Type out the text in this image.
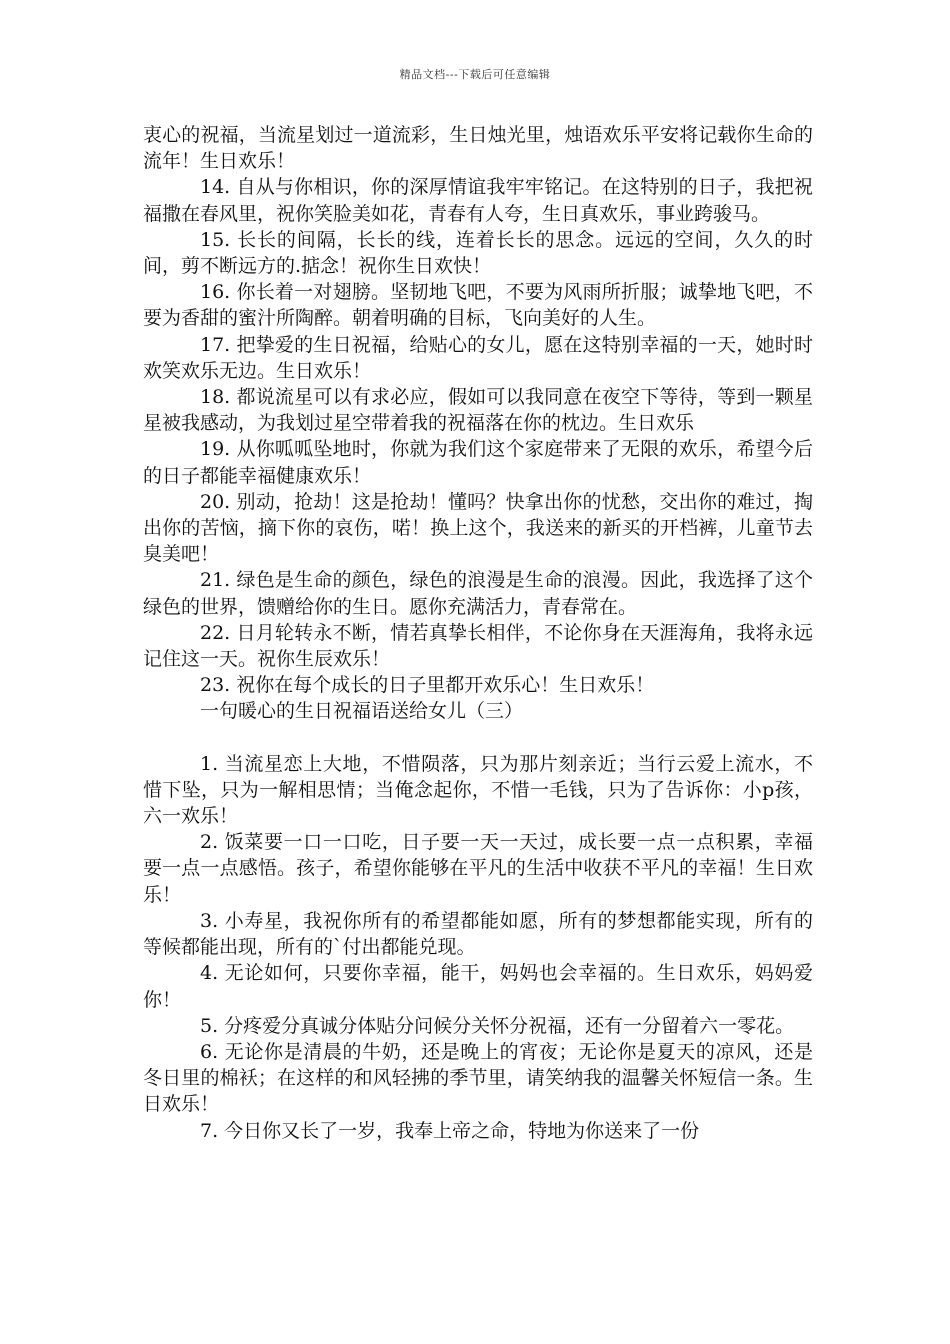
精品文档---下载后可任意编辑

衷心的祝福，当流星划过一道流彩，生日烛光里，烛语欢乐平安将记载你生命的流年！生日欢乐！

14. 自从与你相识，你的深厚情谊我牢牢铭记。在这特别的日子，我把祝福撒在春风里，祝你笑脸美如花，青春有人夸，生日真欢乐，事业跨骏马。

15. 长长的间隔，长长的线，连着长长的思念。远远的空间，久久的时间，剪不断远方的.掂念！祝你生日欢快！

16. 你长着一对翅膀。坚韧地飞吧，不要为风雨所折服；诚挚地飞吧，不要为香甜的蜜汁所陶醉。朝着明确的目标，飞向美好的人生。

17. 把挚爱的生日祝福，给贴心的女儿，愿在这特别幸福的一天，她时时欢笑欢乐无边。生日欢乐！

18. 都说流星可以有求必应，假如可以我同意在夜空下等待，等到一颗星星被我感动，为我划过星空带着我的祝福落在你的枕边。生日欢乐

19. 从你呱呱坠地时，你就为我们这个家庭带来了无限的欢乐，希望今后的日子都能幸福健康欢乐！

20. 别动，抢劫！这是抢劫！懂吗？快拿出你的忧愁，交出你的难过，掏出你的苦恼，摘下你的哀伤，喏！换上这个，我送来的新买的开档裤，儿童节去臭美吧！

21. 绿色是生命的颜色，绿色的浪漫是生命的浪漫。因此，我选择了这个绿色的世界，馈赠给你的生日。愿你充满活力，青春常在。

22. 日月轮转永不断，情若真挚长相伴，不论你身在天涯海角，我将永远记住这一天。祝你生辰欢乐！

23. 祝你在每个成长的日子里都开欢乐心！生日欢乐！

一句暖心的生日祝福语送给女儿（三）

1. 当流星恋上大地，不惜陨落，只为那片刻亲近；当行云爱上流水，不惜下坠，只为一解相思情；当俺念起你，不惜一毛钱，只为了告诉你：小p孩，六一欢乐！

2. 饭菜要一口一口吃，日子要一天一天过，成长要一点一点积累，幸福要一点一点感悟。孩子，希望你能够在平凡的生活中收获不平凡的幸福！生日欢乐！

3. 小寿星，我祝你所有的希望都能如愿，所有的梦想都能实现，所有的等候都能出现，所有的`付出都能兑现。

4. 无论如何，只要你幸福，能干，妈妈也会幸福的。生日欢乐，妈妈爱你！

5. 分疼爱分真诚分体贴分问候分关怀分祝福，还有一分留着六一零花。

6. 无论你是清晨的牛奶，还是晚上的宵夜；无论你是夏天的凉风，还是冬日里的棉袄；在这样的和风轻拂的季节里，请笑纳我的温馨关怀短信一条。生日欢乐！

7. 今日你又长了一岁，我奉上帝之命，特地为你送来了一份
